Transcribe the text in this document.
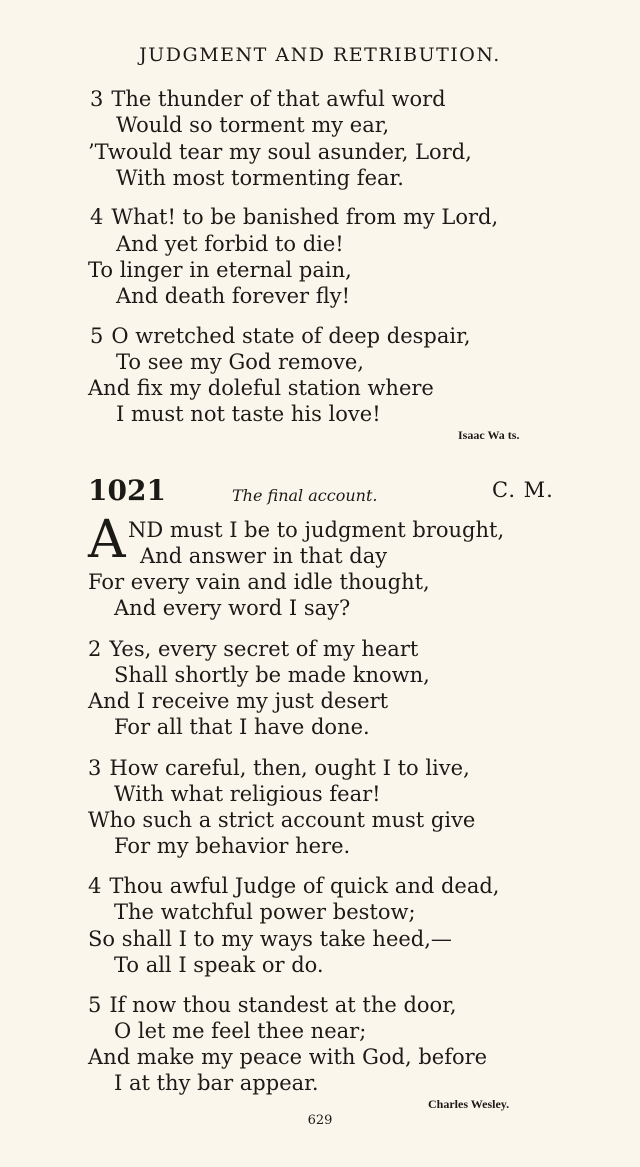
JUDGMENT AND RETRIBUTION.
3 The thunder of that awful word
Would so torment my ear,
’Twould tear my soul asunder, Lord,
With most tormenting fear.
4 What! to be banished from my Lord,
And yet forbid to die!
To linger in eternal pain,
And death forever fly!
5 O wretched state of deep despair,
To see my God remove,
And fix my doleful station where
I must not taste his love!
Isaac Wa ts.
1021	The final account.	C. M.
A ND must I be to judgment brought,
And answer in that day
For every vain and idle thought,
And every word I say?
2 Yes, every secret of my heart
Shall shortly be made known,
And I receive my just desert
For all that I have done.
3 How careful, then, ought I to live,
With what religious fear!
Who such a strict account must give
For my behavior here.
4 Thou awful Judge of quick and dead,
The watchful power bestow;
So shall I to my ways take heed,—
To all I speak or do.
5 If now thou standest at the door,
O let me feel thee near;
And make my peace with God, before
I at thy bar appear.
Charles Wesley.
629
